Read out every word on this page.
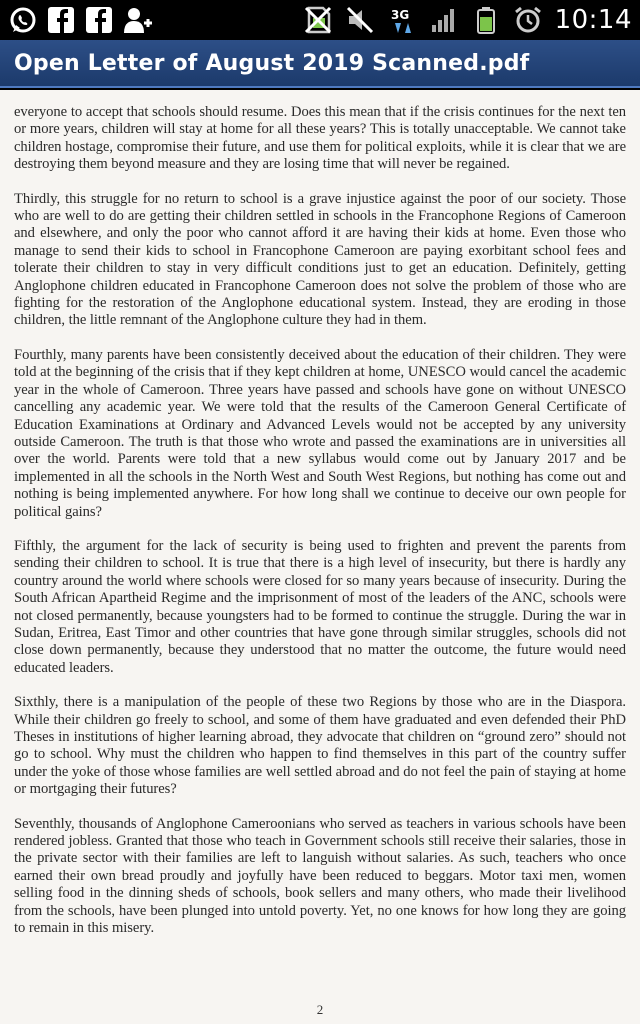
3G	10:14
Open Letter of August 2019 Scanned.pdf

everyone to accept that schools should resume. Does this mean that if the crisis continues for the next ten or more years, children will stay at home for all these years? This is totally unacceptable. We cannot take children hostage, compromise their future, and use them for political exploits, while it is clear that we are destroying them beyond measure and they are losing time that will never be regained.

Thirdly, this struggle for no return to school is a grave injustice against the poor of our society. Those who are well to do are getting their children settled in schools in the Francophone Regions of Cameroon and elsewhere, and only the poor who cannot afford it are having their kids at home. Even those who manage to send their kids to school in Francophone Cameroon are paying exorbitant school fees and tolerate their children to stay in very difficult conditions just to get an education. Definitely, getting Anglophone children educated in Francophone Cameroon does not solve the problem of those who are fighting for the restoration of the Anglophone educational system. Instead, they are eroding in those children, the little remnant of the Anglophone culture they had in them.

Fourthly, many parents have been consistently deceived about the education of their children. They were told at the beginning of the crisis that if they kept children at home, UNESCO would cancel the academic year in the whole of Cameroon. Three years have passed and schools have gone on without UNESCO cancelling any academic year. We were told that the results of the Cameroon General Certificate of Education Examinations at Ordinary and Advanced Levels would not be accepted by any university outside Cameroon. The truth is that those who wrote and passed the examinations are in universities all over the world. Parents were told that a new syllabus would come out by January 2017 and be implemented in all the schools in the North West and South West Regions, but nothing has come out and nothing is being implemented anywhere. For how long shall we continue to deceive our own people for political gains?

Fifthly, the argument for the lack of security is being used to frighten and prevent the parents from sending their children to school. It is true that there is a high level of insecurity, but there is hardly any country around the world where schools were closed for so many years because of insecurity. During the South African Apartheid Regime and the imprisonment of most of the leaders of the ANC, schools were not closed permanently, because youngsters had to be formed to continue the struggle. During the war in Sudan, Eritrea, East Timor and other countries that have gone through similar struggles, schools did not close down permanently, because they understood that no matter the outcome, the future would need educated leaders.

Sixthly, there is a manipulation of the people of these two Regions by those who are in the Diaspora. While their children go freely to school, and some of them have graduated and even defended their PhD Theses in institutions of higher learning abroad, they advocate that children on “ground zero” should not go to school. Why must the children who happen to find themselves in this part of the country suffer under the yoke of those whose families are well settled abroad and do not feel the pain of staying at home or mortgaging their futures?

Seventhly, thousands of Anglophone Cameroonians who served as teachers in various schools have been rendered jobless. Granted that those who teach in Government schools still receive their salaries, those in the private sector with their families are left to languish without salaries. As such, teachers who once earned their own bread proudly and joyfully have been reduced to beggars. Motor taxi men, women selling food in the dinning sheds of schools, book sellers and many others, who made their livelihood from the schools, have been plunged into untold poverty. Yet, no one knows for how long they are going to remain in this misery.

2
